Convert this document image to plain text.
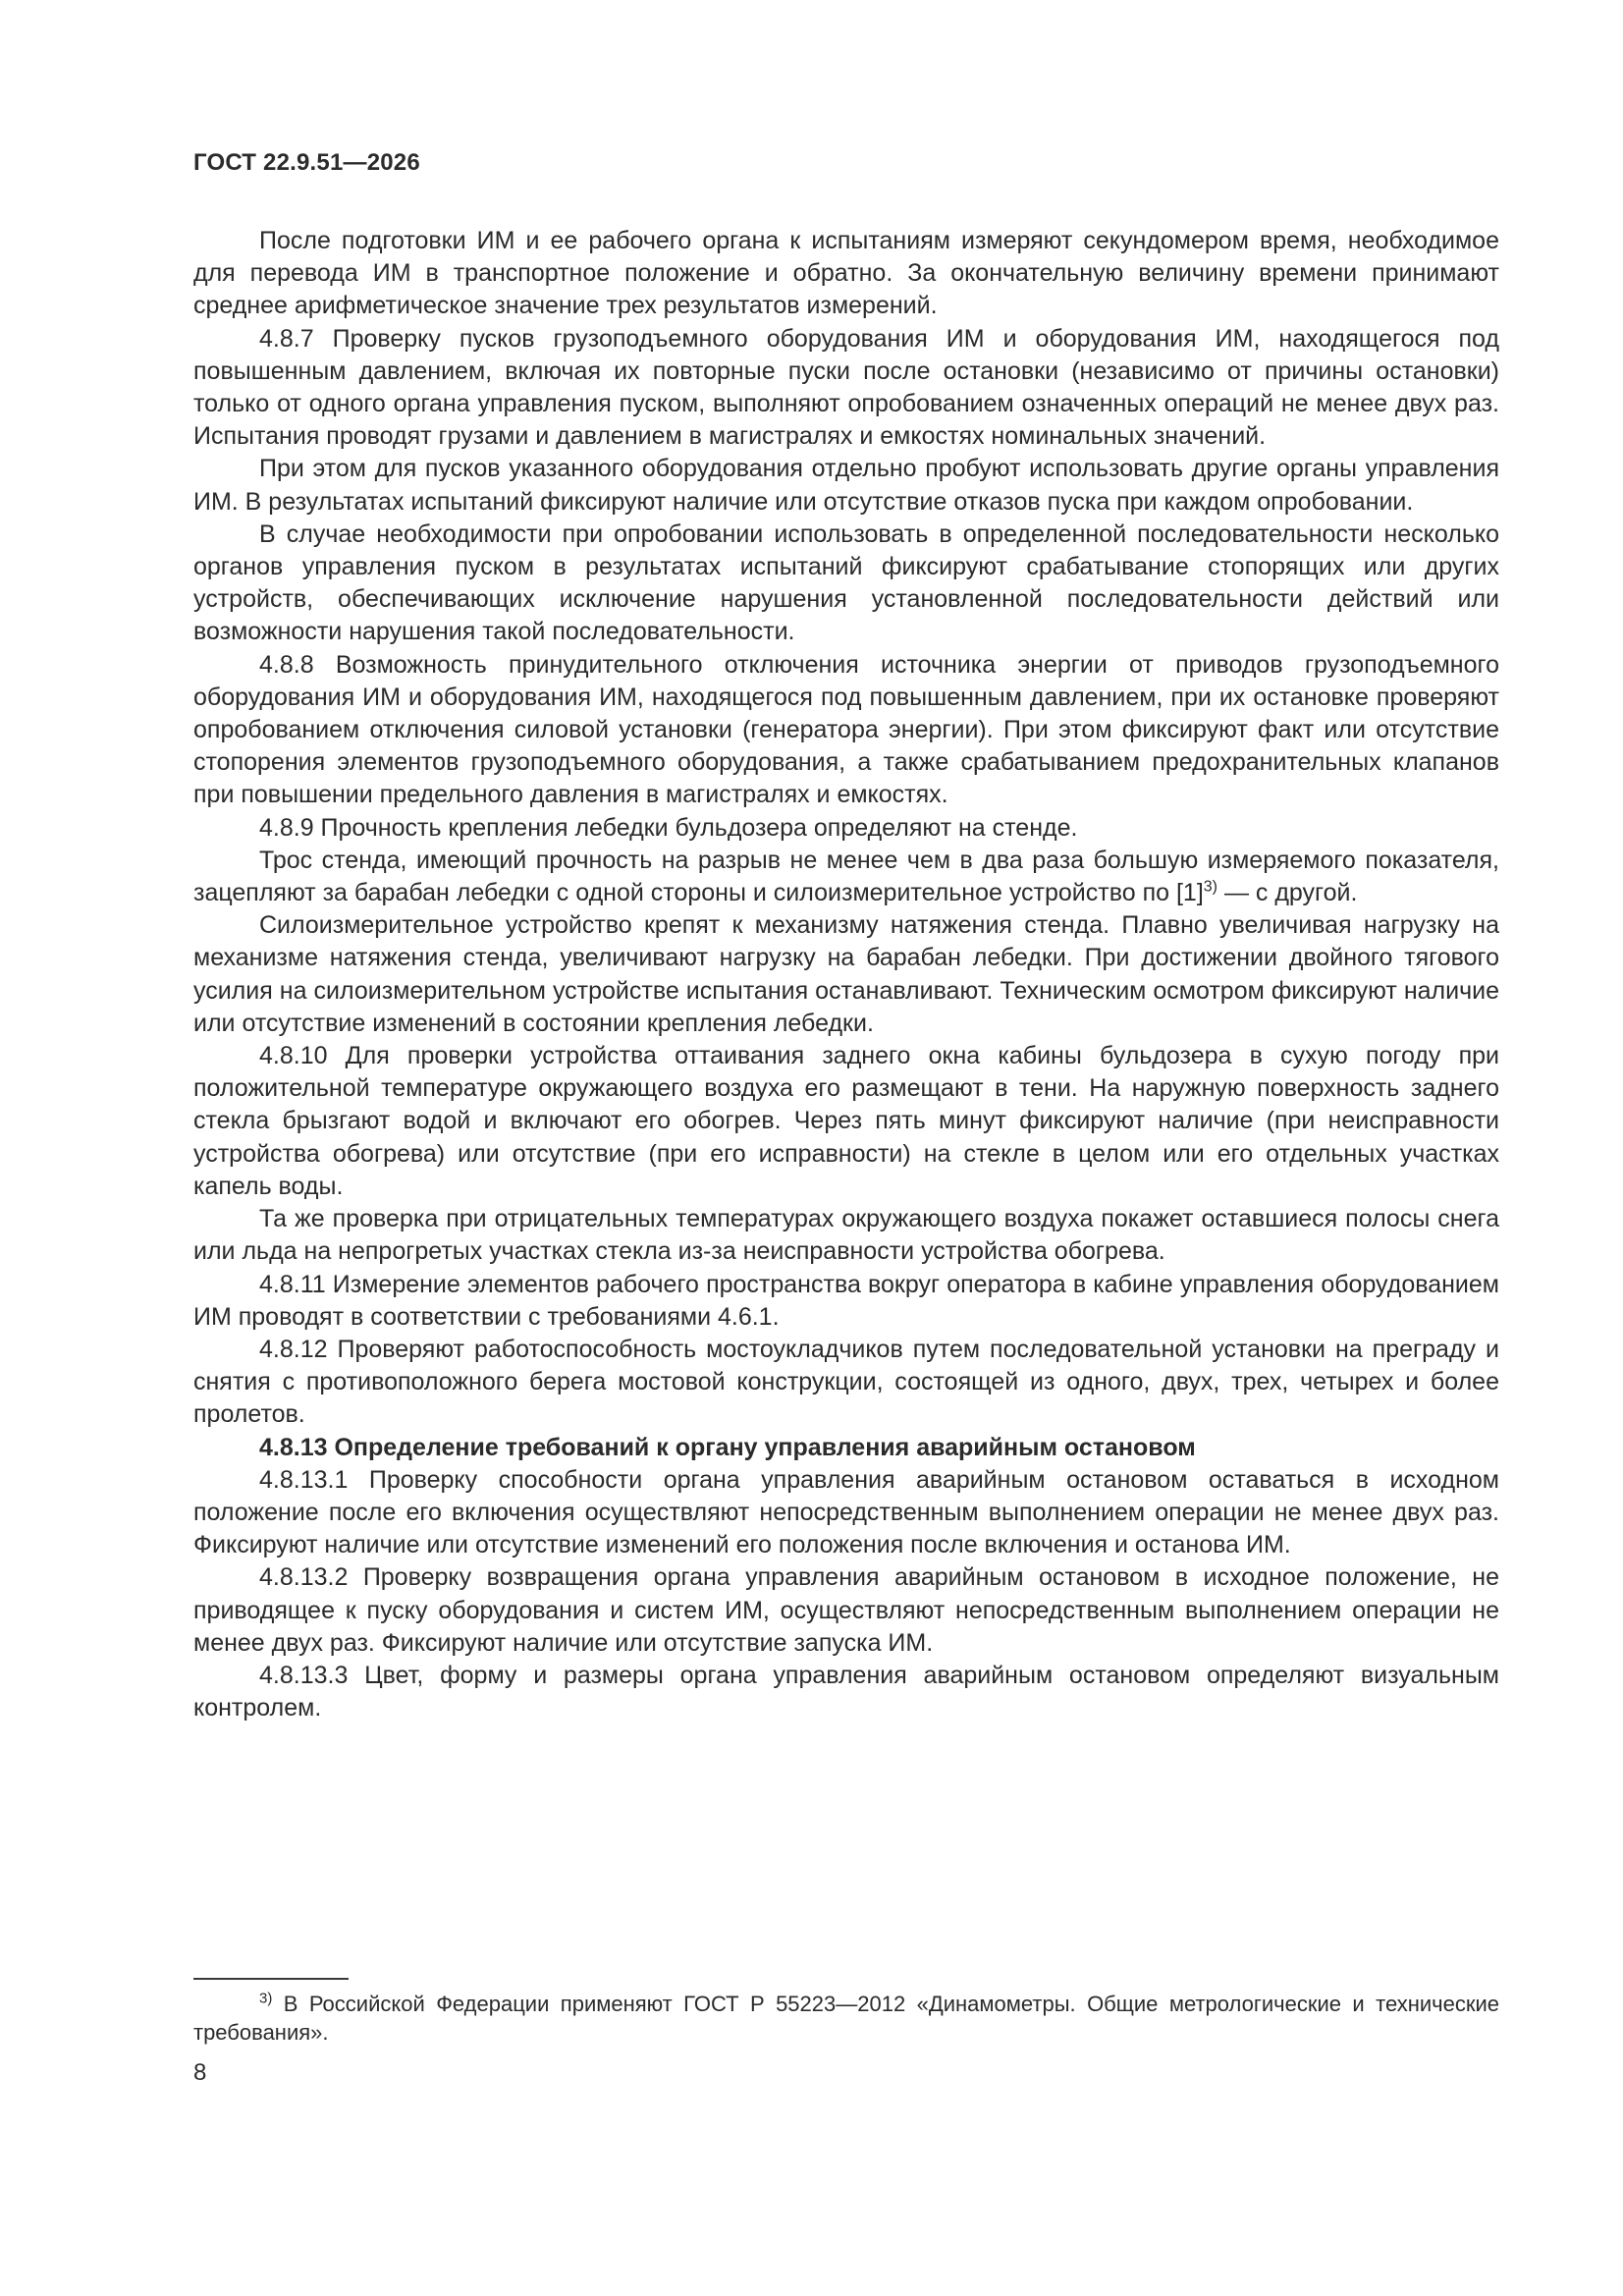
ГОСТ 22.9.51—2026

После подготовки ИМ и ее рабочего органа к испытаниям измеряют секундомером время, необходимое для перевода ИМ в транспортное положение и обратно. За окончательную величину времени принимают среднее арифметическое значение трех результатов измерений.

4.8.7 Проверку пусков грузоподъемного оборудования ИМ и оборудования ИМ, находящегося под повышенным давлением, включая их повторные пуски после остановки (независимо от причины остановки) только от одного органа управления пуском, выполняют опробованием означенных операций не менее двух раз. Испытания проводят грузами и давлением в магистралях и емкостях номинальных значений.

При этом для пусков указанного оборудования отдельно пробуют использовать другие органы управления ИМ. В результатах испытаний фиксируют наличие или отсутствие отказов пуска при каждом опробовании.

В случае необходимости при опробовании использовать в определенной последовательности несколько органов управления пуском в результатах испытаний фиксируют срабатывание стопорящих или других устройств, обеспечивающих исключение нарушения установленной последовательности действий или возможности нарушения такой последовательности.

4.8.8 Возможность принудительного отключения источника энергии от приводов грузоподъемного оборудования ИМ и оборудования ИМ, находящегося под повышенным давлением, при их остановке проверяют опробованием отключения силовой установки (генератора энергии). При этом фиксируют факт или отсутствие стопорения элементов грузоподъемного оборудования, а также срабатыванием предохранительных клапанов при повышении предельного давления в магистралях и емкостях.

4.8.9 Прочность крепления лебедки бульдозера определяют на стенде.

Трос стенда, имеющий прочность на разрыв не менее чем в два раза большую измеряемого показателя, зацепляют за барабан лебедки с одной стороны и силоизмерительное устройство по $[1]^{3)}$ — с другой.

Силоизмерительное устройство крепят к механизму натяжения стенда. Плавно увеличивая нагрузку на механизме натяжения стенда, увеличивают нагрузку на барабан лебедки. При достижении двойного тягового усилия на силоизмерительном устройстве испытания останавливают. Техническим осмотром фиксируют наличие или отсутствие изменений в состоянии крепления лебедки.

4.8.10 Для проверки устройства оттаивания заднего окна кабины бульдозера в сухую погоду при положительной температуре окружающего воздуха его размещают в тени. На наружную поверхность заднего стекла брызгают водой и включают его обогрев. Через пять минут фиксируют наличие (при неисправности устройства обогрева) или отсутствие (при его исправности) на стекле в целом или его отдельных участках капель воды.

Та же проверка при отрицательных температурах окружающего воздуха покажет оставшиеся полосы снега или льда на непрогретых участках стекла из-за неисправности устройства обогрева.

4.8.11 Измерение элементов рабочего пространства вокруг оператора в кабине управления оборудованием ИМ проводят в соответствии с требованиями 4.6.1.

4.8.12 Проверяют работоспособность мостоукладчиков путем последовательной установки на преграду и снятия с противоположного берега мостовой конструкции, состоящей из одного, двух, трех, четырех и более пролетов.

4.8.13 Определение требований к органу управления аварийным остановом

4.8.13.1 Проверку способности органа управления аварийным остановом оставаться в исходном положение после его включения осуществляют непосредственным выполнением операции не менее двух раз. Фиксируют наличие или отсутствие изменений его положения после включения и останова ИМ.

4.8.13.2 Проверку возвращения органа управления аварийным остановом в исходное положение, не приводящее к пуску оборудования и систем ИМ, осуществляют непосредственным выполнением операции не менее двух раз. Фиксируют наличие или отсутствие запуска ИМ.

4.8.13.3 Цвет, форму и размеры органа управления аварийным остановом определяют визуальным контролем.

$^{3)}$ В Российской Федерации применяют ГОСТ Р 55223—2012 «Динамометры. Общие метрологические и технические требования».
8
